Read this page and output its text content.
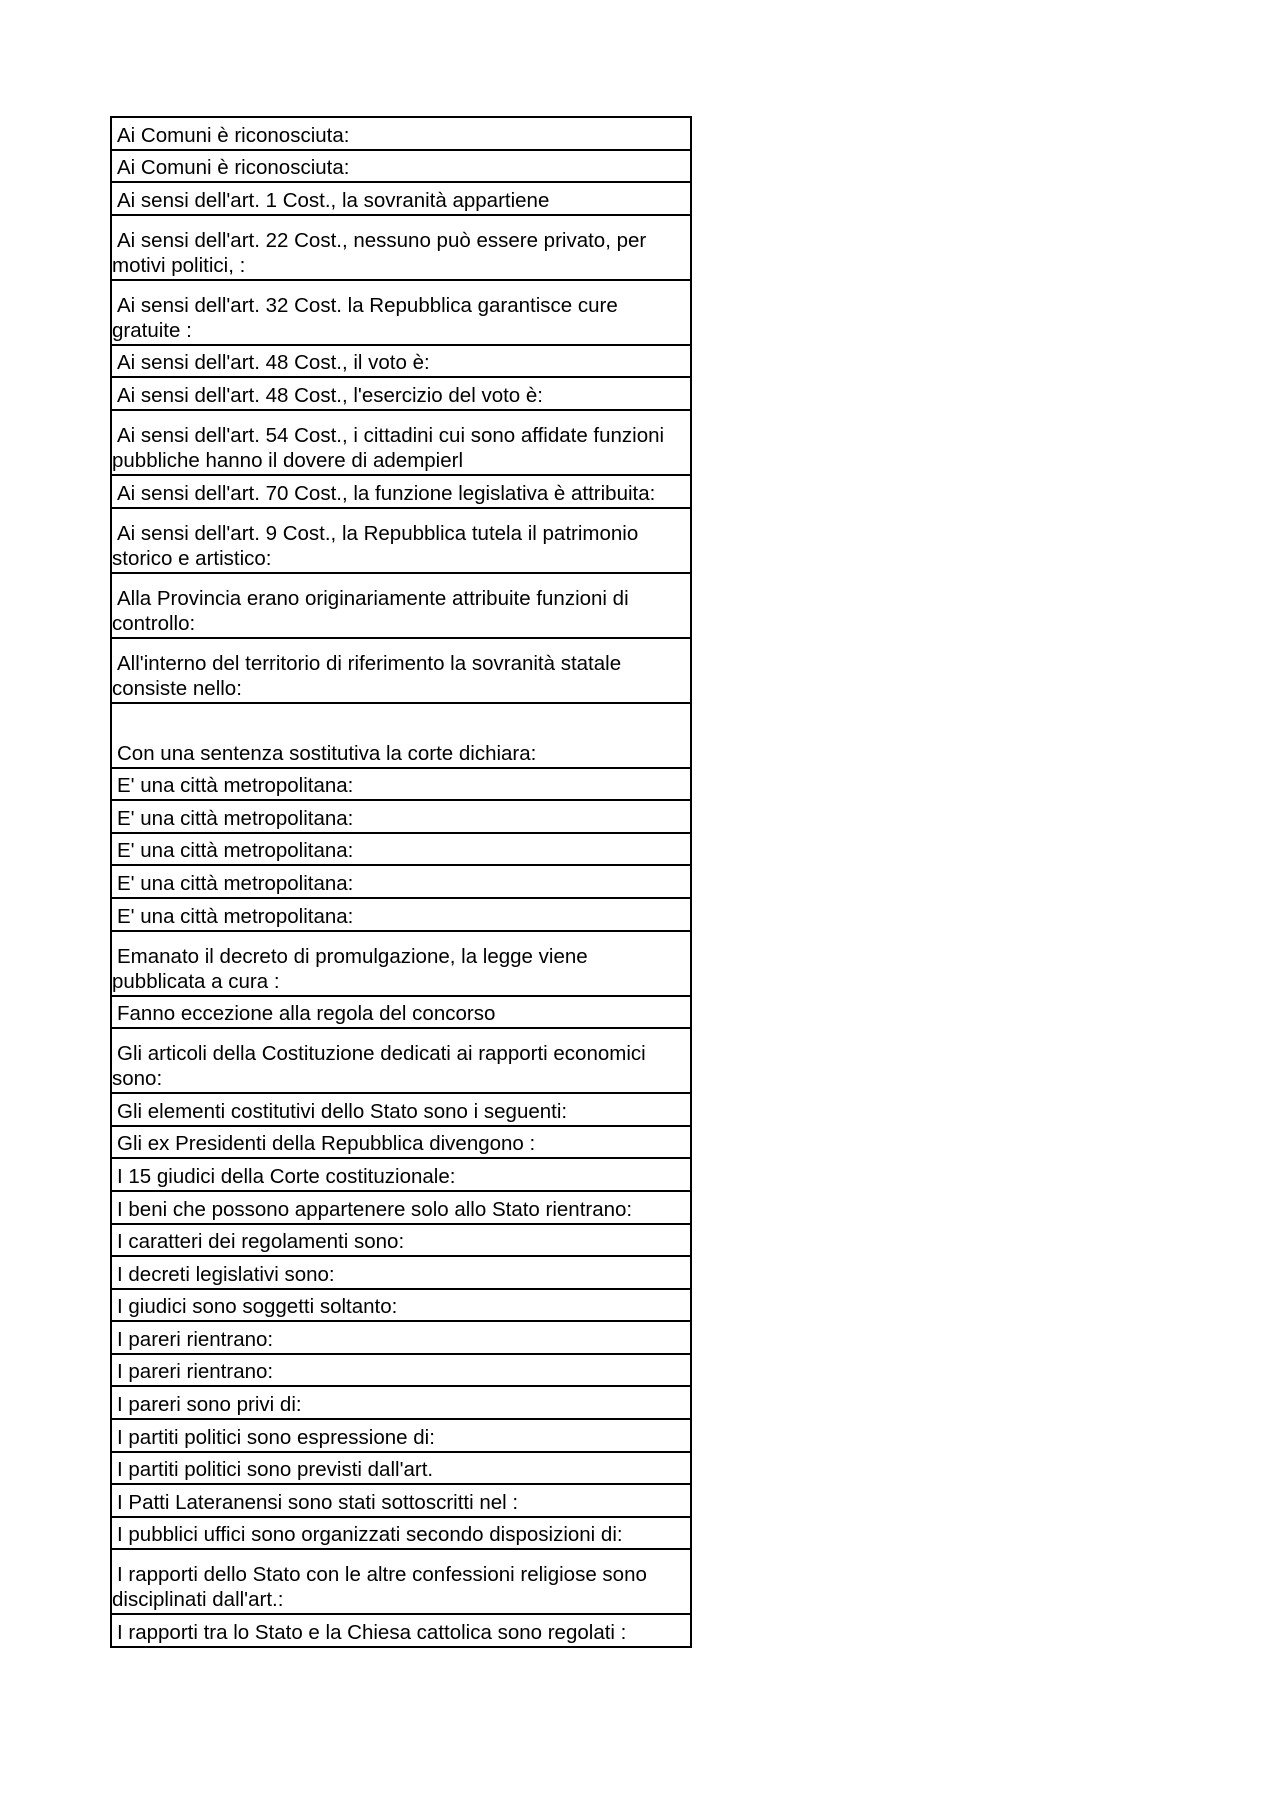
Ai Comuni è riconosciuta:
Ai Comuni è riconosciuta:
Ai sensi dell'art. 1 Cost., la sovranità appartiene
Ai sensi dell'art. 22 Cost., nessuno può essere privato, per motivi politici, :
Ai sensi dell'art. 32 Cost. la Repubblica garantisce cure gratuite :
Ai sensi dell'art. 48 Cost., il voto è:
Ai sensi dell'art. 48 Cost., l'esercizio del voto è:
Ai sensi dell'art. 54 Cost., i cittadini cui sono affidate funzioni pubbliche hanno il dovere di adempierl
Ai sensi dell'art. 70 Cost., la funzione legislativa è attribuita:
Ai sensi dell'art. 9 Cost., la Repubblica tutela il patrimonio storico e artistico:
Alla Provincia erano originariamente attribuite funzioni di controllo:
All'interno del territorio di riferimento la sovranità statale consiste nello:
Con una sentenza sostitutiva la corte dichiara:
E' una città metropolitana:
E' una città metropolitana:
E' una città metropolitana:
E' una città metropolitana:
E' una città metropolitana:
Emanato il decreto di promulgazione, la legge viene pubblicata a cura :
Fanno eccezione alla regola del concorso
Gli articoli della Costituzione dedicati ai rapporti economici sono:
Gli elementi costitutivi dello Stato sono i seguenti:
Gli ex Presidenti della Repubblica divengono :
I 15 giudici della Corte costituzionale:
I beni che possono appartenere solo allo Stato rientrano:
I caratteri dei regolamenti sono:
I decreti legislativi sono:
I giudici sono soggetti soltanto:
I pareri rientrano:
I pareri rientrano:
I pareri sono privi di:
I partiti politici sono espressione di:
I partiti politici sono previsti dall'art.
I Patti Lateranensi sono stati sottoscritti nel :
I pubblici uffici sono organizzati secondo disposizioni di:
I rapporti dello Stato con le altre confessioni religiose sono disciplinati dall'art.:
I rapporti tra lo Stato e la Chiesa cattolica sono regolati :
